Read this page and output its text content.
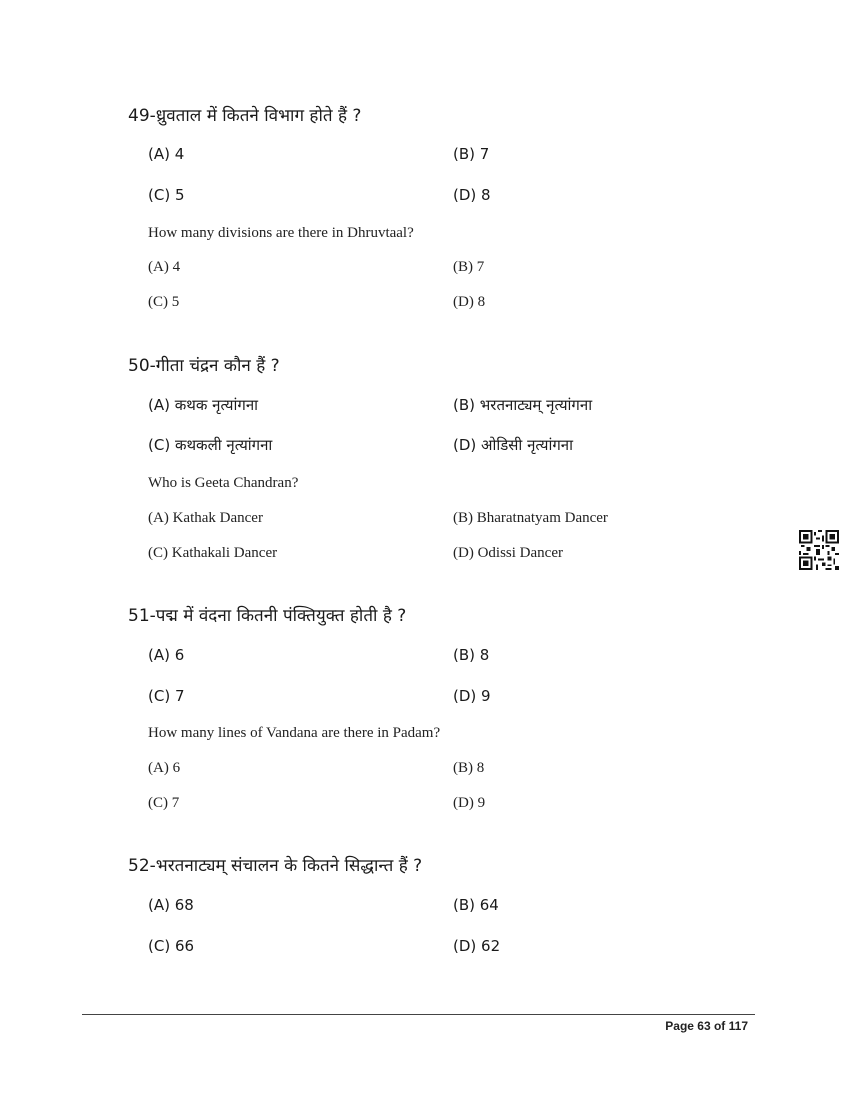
49-ध्रुवताल में कितने विभाग होते हैं ?
(A) 4	(B) 7
(C) 5	(D) 8
How many divisions are there in Dhruvtaal?
(A) 4	(B) 7
(C) 5	(D) 8
50-गीता चंद्रन कौन हैं ?
(A) कथक नृत्यांगना	(B) भरतनाट्यम् नृत्यांगना
(C) कथकली नृत्यांगना	(D) ओडिसी नृत्यांगना
Who is Geeta Chandran?
(A) Kathak Dancer	(B) Bharatnatyam Dancer
(C) Kathakali Dancer	(D) Odissi Dancer
51-पद्म में वंदना कितनी पंक्तियुक्त होती है ?
(A) 6	(B) 8
(C) 7	(D) 9
How many lines of Vandana are there in Padam?
(A) 6	(B) 8
(C) 7	(D) 9
52-भरतनाट्यम् संचालन के कितने सिद्धान्त हैं ?
(A) 68	(B) 64
(C) 66	(D) 62
Page 63 of 117
